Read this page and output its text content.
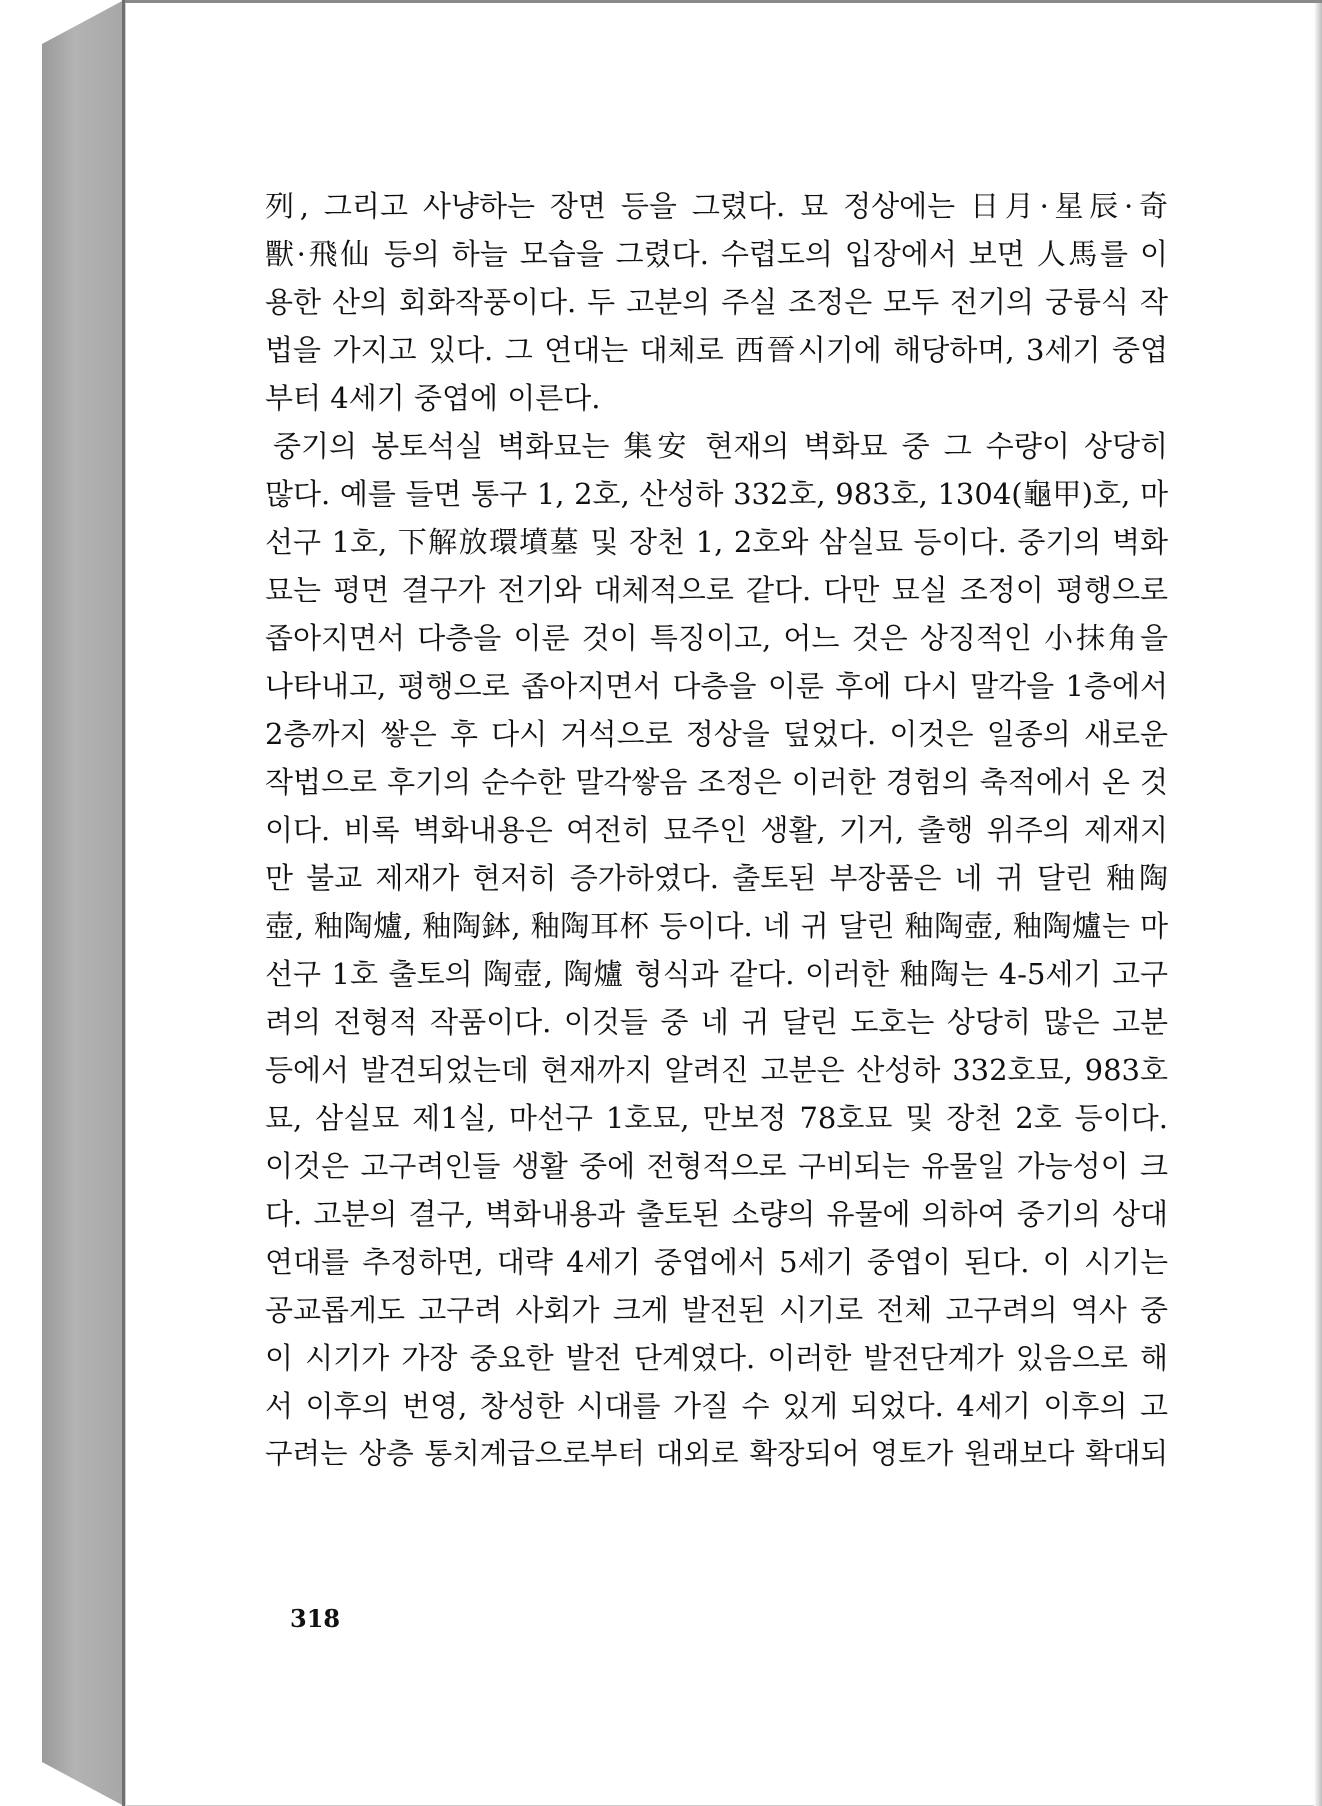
列, 그리고 사냥하는 장면 등을 그렸다. 묘 정상에는 日月·星辰·奇
獸·飛仙 등의 하늘 모습을 그렸다. 수렵도의 입장에서 보면 人馬를 이
용한 산의 회화작풍이다. 두 고분의 주실 조정은 모두 전기의 궁륭식 작
법을 가지고 있다. 그 연대는 대체로 西晉시기에 해당하며, 3세기 중엽
부터 4세기 중엽에 이른다.
중기의 봉토석실 벽화묘는 集安 현재의 벽화묘 중 그 수량이 상당히
많다. 예를 들면 통구 1, 2호, 산성하 332호, 983호, 1304(龜甲)호, 마
선구 1호, 下解放環墳墓 및 장천 1, 2호와 삼실묘 등이다. 중기의 벽화
묘는 평면 결구가 전기와 대체적으로 같다. 다만 묘실 조정이 평행으로
좁아지면서 다층을 이룬 것이 특징이고, 어느 것은 상징적인 小抹角을
나타내고, 평행으로 좁아지면서 다층을 이룬 후에 다시 말각을 1층에서
2층까지 쌓은 후 다시 거석으로 정상을 덮었다. 이것은 일종의 새로운
작법으로 후기의 순수한 말각쌓음 조정은 이러한 경험의 축적에서 온 것
이다. 비록 벽화내용은 여전히 묘주인 생활, 기거, 출행 위주의 제재지
만 불교 제재가 현저히 증가하였다. 출토된 부장품은 네 귀 달린 釉陶
壺, 釉陶爐, 釉陶鉢, 釉陶耳杯 등이다. 네 귀 달린 釉陶壺, 釉陶爐는 마
선구 1호 출토의 陶壺, 陶爐 형식과 같다. 이러한 釉陶는 4-5세기 고구
려의 전형적 작품이다. 이것들 중 네 귀 달린 도호는 상당히 많은 고분
등에서 발견되었는데 현재까지 알려진 고분은 산성하 332호묘, 983호
묘, 삼실묘 제1실, 마선구 1호묘, 만보정 78호묘 및 장천 2호 등이다.
이것은 고구려인들 생활 중에 전형적으로 구비되는 유물일 가능성이 크
다. 고분의 결구, 벽화내용과 출토된 소량의 유물에 의하여 중기의 상대
연대를 추정하면, 대략 4세기 중엽에서 5세기 중엽이 된다. 이 시기는
공교롭게도 고구려 사회가 크게 발전된 시기로 전체 고구려의 역사 중
이 시기가 가장 중요한 발전 단계였다. 이러한 발전단계가 있음으로 해
서 이후의 번영, 창성한 시대를 가질 수 있게 되었다. 4세기 이후의 고
구려는 상층 통치계급으로부터 대외로 확장되어 영토가 원래보다 확대되
318
